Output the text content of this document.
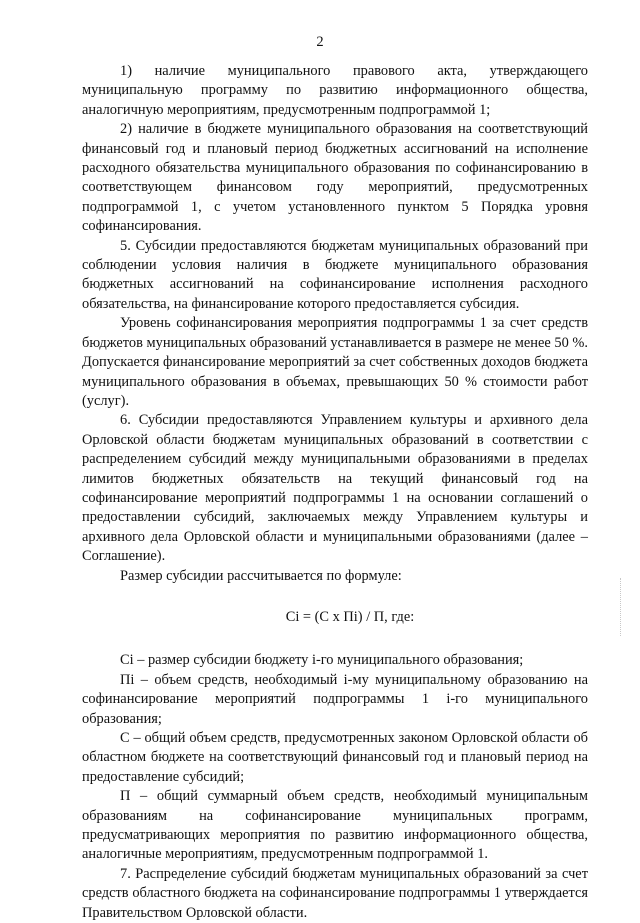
2

1) наличие муниципального правового акта, утверждающего муниципальную программу по развитию информационного общества, аналогичную мероприятиям, предусмотренным подпрограммой 1;

2) наличие в бюджете муниципального образования на соответствующий финансовый год и плановый период бюджетных ассигнований на исполнение расходного обязательства муниципального образования по софинансированию в соответствующем финансовом году мероприятий, предусмотренных подпрограммой 1, с учетом установленного пунктом 5 Порядка уровня софинансирования.

5. Субсидии предоставляются бюджетам муниципальных образований при соблюдении условия наличия в бюджете муниципального образования бюджетных ассигнований на софинансирование исполнения расходного обязательства, на финансирование которого предоставляется субсидия.

Уровень софинансирования мероприятия подпрограммы 1 за счет средств бюджетов муниципальных образований устанавливается в размере не менее 50 %. Допускается финансирование мероприятий за счет собственных доходов бюджета муниципального образования в объемах, превышающих 50 % стоимости работ (услуг).

6. Субсидии предоставляются Управлением культуры и архивного дела Орловской области бюджетам муниципальных образований в соответствии с распределением субсидий между муниципальными образованиями в пределах лимитов бюджетных обязательств на текущий финансовый год на софинансирование мероприятий подпрограммы 1 на основании соглашений о предоставлении субсидий, заключаемых между Управлением культуры и архивного дела Орловской области и муниципальными образованиями (далее – Соглашение).

Размер субсидии рассчитывается по формуле:

Ci = (C x Пi) / П, где:

Ci – размер субсидии бюджету i-го муниципального образования;

Пi – объем средств, необходимый i-му муниципальному образованию на софинансирование мероприятий подпрограммы 1 i-го муниципального образования;

С – общий объем средств, предусмотренных законом Орловской области об областном бюджете на соответствующий финансовый год и плановый период на предоставление субсидий;

П – общий суммарный объем средств, необходимый муниципальным образованиям на софинансирование муниципальных программ, предусматривающих мероприятия по развитию информационного общества, аналогичные мероприятиям, предусмотренным подпрограммой 1.

7. Распределение субсидий бюджетам муниципальных образований за счет средств областного бюджета на софинансирование подпрограммы 1 утверждается Правительством Орловской области.
